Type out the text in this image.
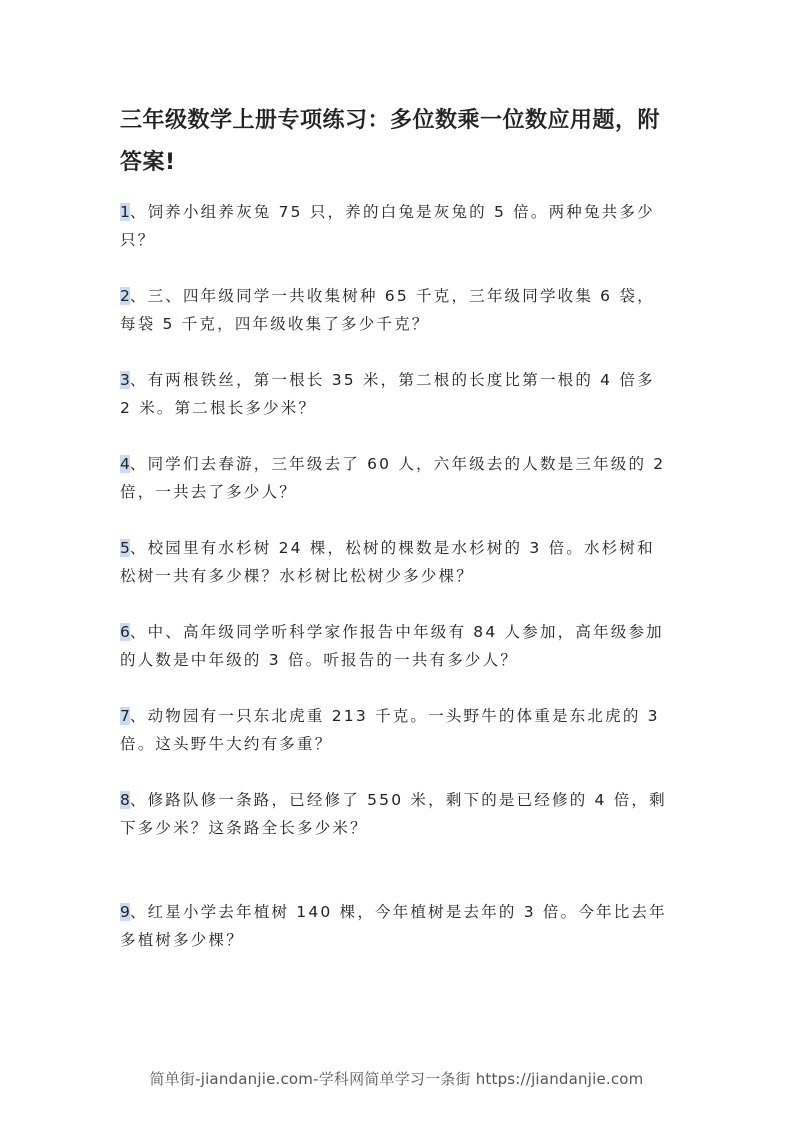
三年级数学上册专项练习：多位数乘一位数应用题，附答案!
1、饲养小组养灰兔 75 只，养的白兔是灰兔的 5 倍。两种兔共多少只？
2、三、四年级同学一共收集树种 65 千克，三年级同学收集 6 袋，每袋 5 千克，四年级收集了多少千克？
3、有两根铁丝，第一根长 35 米，第二根的长度比第一根的 4 倍多 2 米。第二根长多少米？
4、同学们去春游，三年级去了 60 人，六年级去的人数是三年级的 2 倍，一共去了多少人？
5、校园里有水杉树 24 棵，松树的棵数是水杉树的 3 倍。水杉树和松树一共有多少棵？水杉树比松树少多少棵？
6、中、高年级同学听科学家作报告中年级有 84 人参加，高年级参加的人数是中年级的 3 倍。听报告的一共有多少人？
7、动物园有一只东北虎重 213 千克。一头野牛的体重是东北虎的 3 倍。这头野牛大约有多重？
8、修路队修一条路，已经修了 550 米，剩下的是已经修的 4 倍，剩下多少米？这条路全长多少米？
9、红星小学去年植树 140 棵，今年植树是去年的 3 倍。今年比去年多植树多少棵？
简单街-jiandanjie.com-学科网简单学习一条街 https://jiandanjie.com
